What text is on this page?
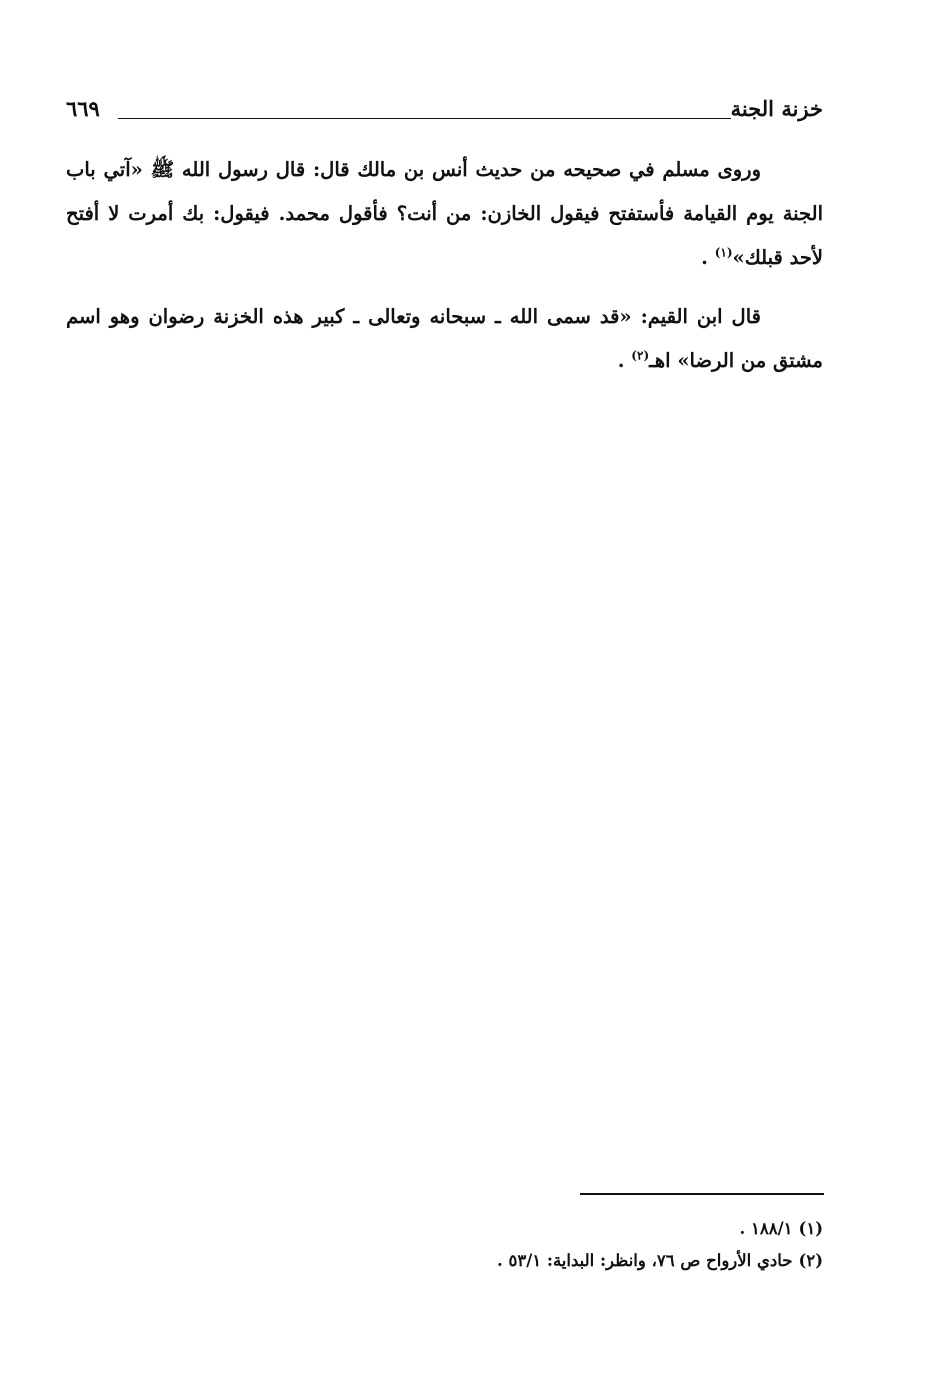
خزنة الجنة
٦٦٩

وروى مسلم في صحيحه من حديث أنس بن مالك قال: قال رسول الله ﷺ «آتي باب الجنة يوم القيامة فأستفتح فيقول الخازن: من أنت؟ فأقول محمد. فيقول: بك أمرت لا أفتح لأحد قبلك»$^{(١)}$ .

قال ابن القيم: «قد سمى الله ـ سبحانه وتعالى ـ كبير هذه الخزنة رضوان وهو اسم مشتق من الرضا» اهـ$^{(٢)}$ .

(١)١٨٨/١ .
(٢)حادي الأرواح ص ٧٦، وانظر: البداية: ٥٣/١ .
